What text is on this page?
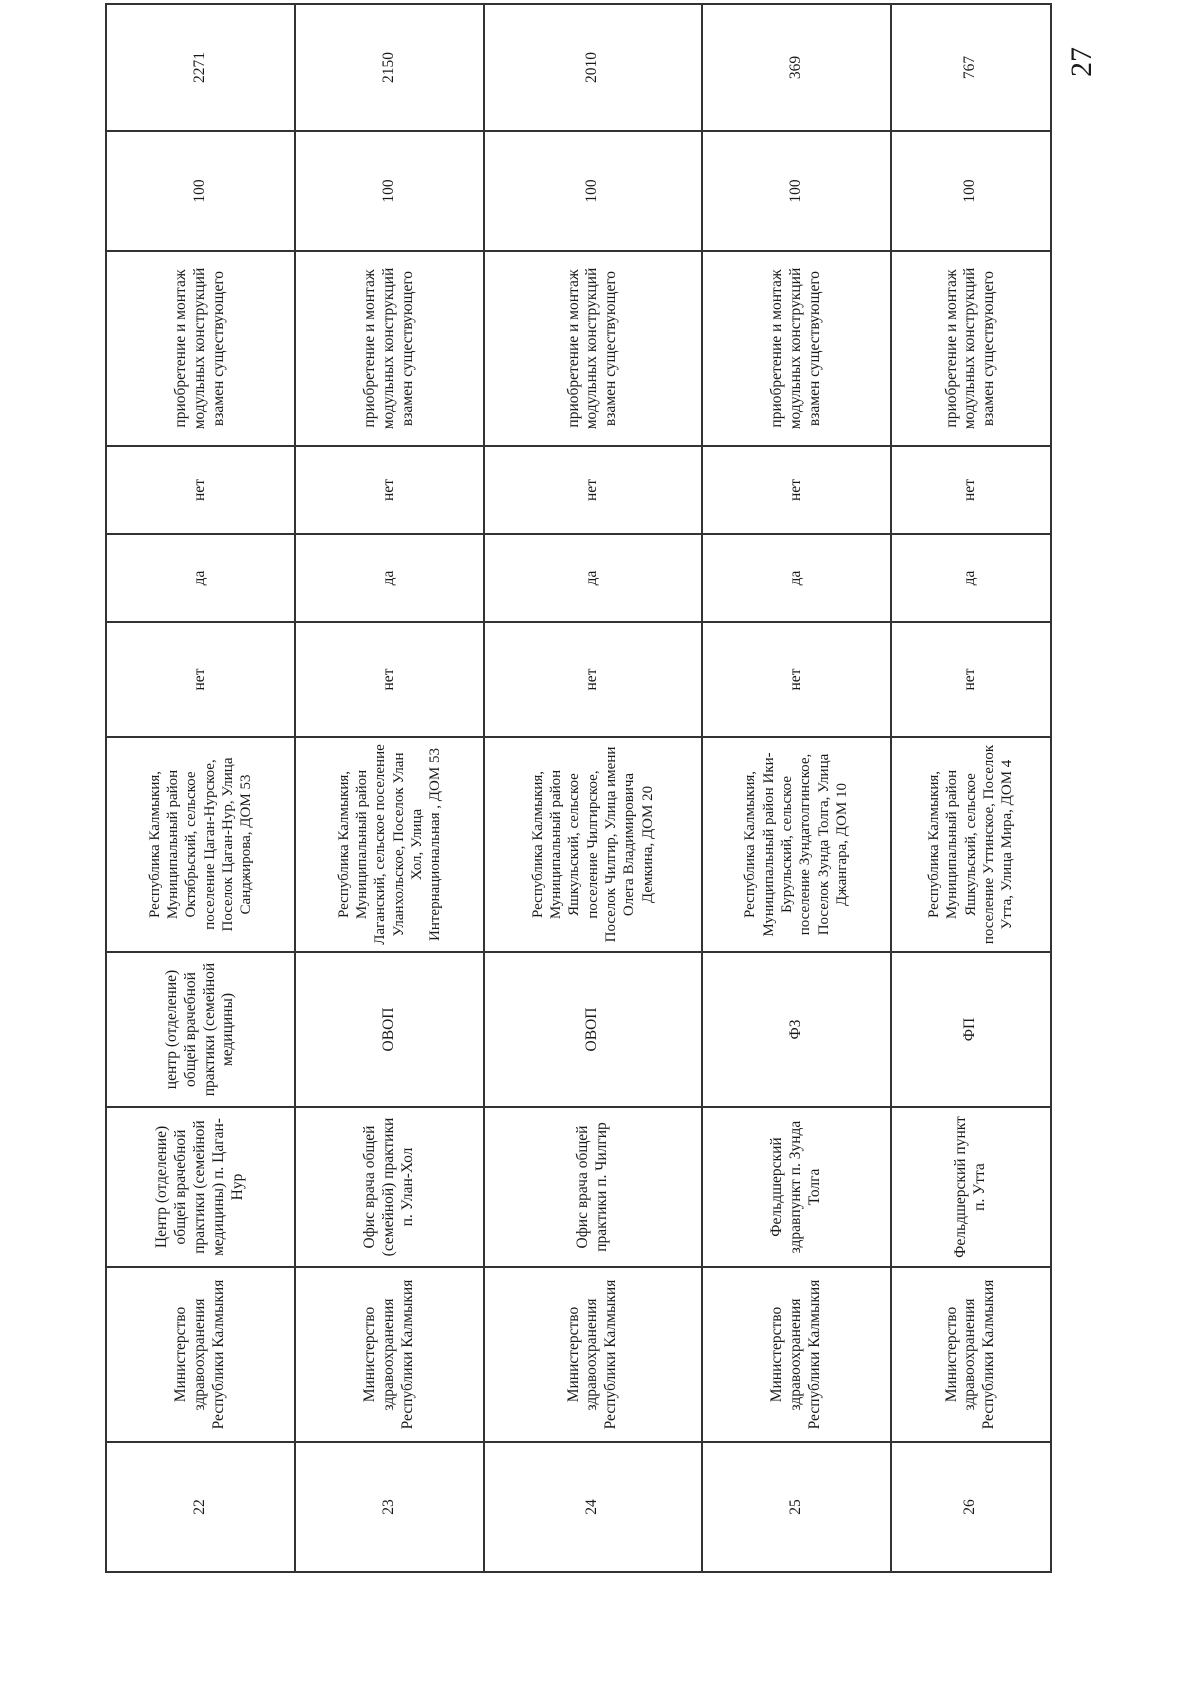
27
22	Министерство здравоохранения Республики Калмыкия	Центр (отделение) общей врачебной практики (семейной медицины) п. Цаган-Нур	центр (отделение) общей врачебной практики (семейной медицины)	Республика Калмыкия, Муниципальный район Октябрьский, сельское поселение Цаган-Нурское, Поселок Цаган-Нур, Улица Санджирова, ДОМ 53	нет	да	нет	приобретение и монтаж модульных конструкций взамен существующего	100	2271
23	Министерство здравоохранения Республики Калмыкия	Офис врача общей (семейной) практики п. Улан-Хол	ОВОП	Республика Калмыкия, Муниципальный район Лаганский, сельское поселение Уланхольское, Поселок Улан Хол, Улица Интернациональная , ДОМ 53	нет	да	нет	приобретение и монтаж модульных конструкций взамен существующего	100	2150
24	Министерство здравоохранения Республики Калмыкия	Офис врача общей практики п. Чилгир	ОВОП	Республика Калмыкия, Муниципальный район Яшкульский, сельское поселение Чилгирское, Поселок Чилгир, Улица имени Олега Владимировича Демкина, ДОМ 20	нет	да	нет	приобретение и монтаж модульных конструкций взамен существующего	100	2010
25	Министерство здравоохранения Республики Калмыкия	Фельдшерский здравпункт п. Зунда Толга	ФЗ	Республика Калмыкия, Муниципальный район Ики-Бурульский, сельское поселение Зундатолгинское, Поселок Зунда Толга, Улица Джангара, ДОМ 10	нет	да	нет	приобретение и монтаж модульных конструкций взамен существующего	100	369
26	Министерство здравоохранения Республики Калмыкия	Фельдшерский пункт п. Утта	ФП	Республика Калмыкия, Муниципальный район Яшкульский, сельское поселение Уттинское, Поселок Утта, Улица Мира, ДОМ 4	нет	да	нет	приобретение и монтаж модульных конструкций взамен существующего	100	767
